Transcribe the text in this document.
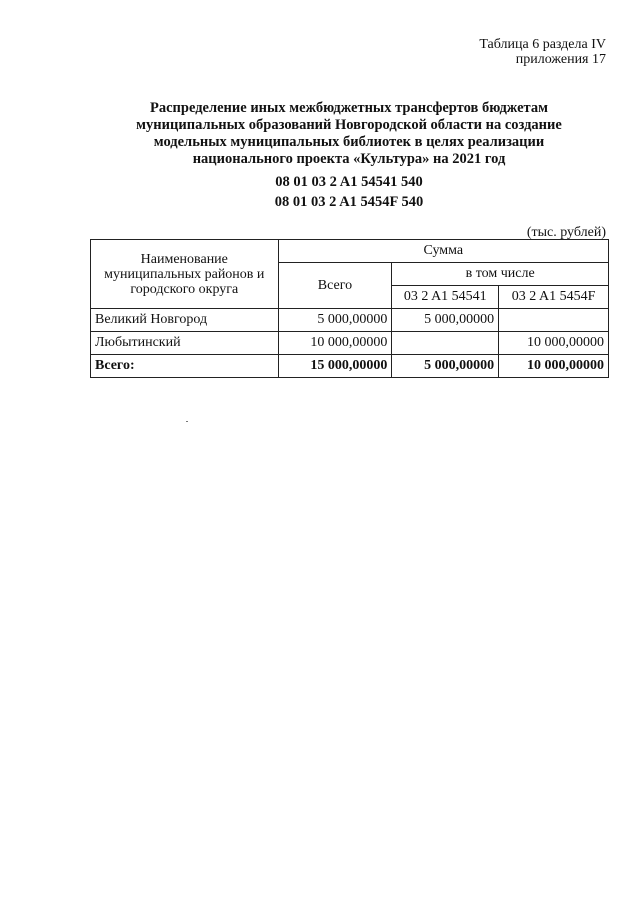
Таблица 6 раздела IV
приложения 17
Распределение иных межбюджетных трансфертов бюджетам
муниципальных образований Новгородской области на создание
модельных муниципальных библиотек в целях реализации
национального проекта «Культура» на 2021 год
08 01 03 2 A1 54541 540
08 01 03 2 A1 5454F 540
(тыс. рублей)
Наименование муниципальных районов и городского округа	Сумма		
	Всего	в том числе	
		03 2 A1 54541	03 2 A1 5454F
Великий Новгород	5 000,00000	5 000,00000	
Любытинский	10 000,00000		10 000,00000
Всего:	15 000,00000	5 000,00000	10 000,00000
